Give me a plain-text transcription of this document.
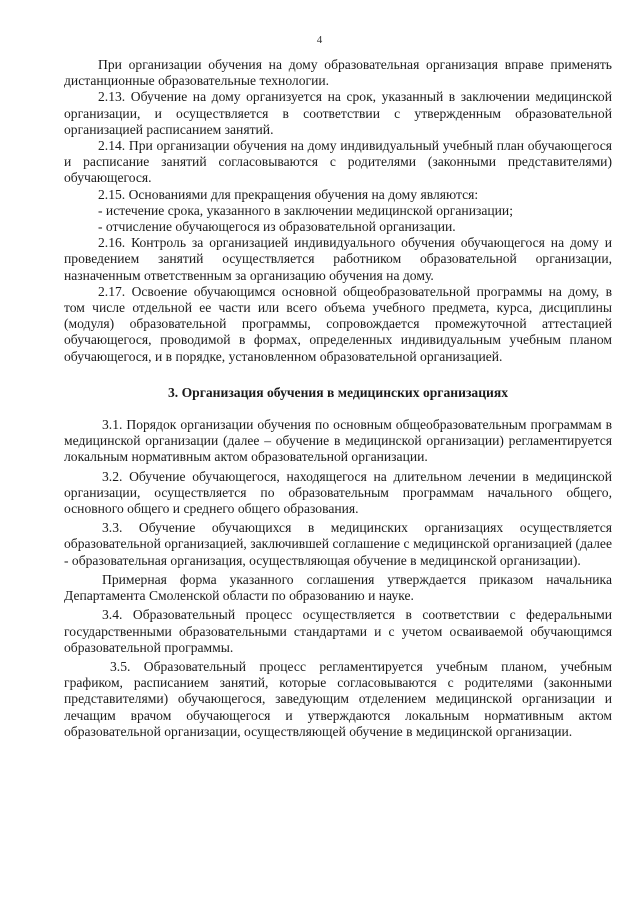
4

При организации обучения на дому образовательная организация вправе применять дистанционные образовательные технологии.

2.13. Обучение на дому организуется на срок, указанный в заключении медицинской организации, и осуществляется в соответствии с утвержденным образовательной организацией расписанием занятий.

2.14. При организации обучения на дому индивидуальный учебный план обучающегося и расписание занятий согласовываются с родителями (законными представителями) обучающегося.

2.15. Основаниями для прекращения обучения на дому являются:

- истечение срока, указанного в заключении медицинской организации;

- отчисление обучающегося из образовательной организации.

2.16. Контроль за организацией индивидуального обучения обучающегося на дому и проведением занятий осуществляется работником образовательной организации, назначенным ответственным за организацию обучения на дому.

2.17. Освоение обучающимся основной общеобразовательной программы на дому, в том числе отдельной ее части или всего объема учебного предмета, курса, дисциплины (модуля) образовательной программы, сопровождается промежуточной аттестацией обучающегося, проводимой в формах, определенных индивидуальным учебным планом обучающегося, и в порядке, установленном образовательной организацией.

3. Организация обучения в медицинских организациях

3.1. Порядок организации обучения по основным общеобразовательным программам в медицинской организации (далее – обучение в медицинской организации) регламентируется локальным нормативным актом образовательной организации.

3.2. Обучение обучающегося, находящегося на длительном лечении в медицинской организации, осуществляется по образовательным программам начального общего, основного общего и среднего общего образования.

3.3. Обучение обучающихся в медицинских организациях осуществляется образовательной организацией, заключившей соглашение с медицинской организацией (далее - образовательная организация, осуществляющая обучение в медицинской организации).

Примерная форма указанного соглашения утверждается приказом начальника Департамента Смоленской области по образованию и науке.

3.4. Образовательный процесс осуществляется в соответствии с федеральными государственными образовательными стандартами и с учетом осваиваемой обучающимся образовательной программы.

3.5. Образовательный процесс регламентируется учебным планом, учебным графиком, расписанием занятий, которые согласовываются с родителями (законными представителями) обучающегося, заведующим отделением медицинской организации и лечащим врачом обучающегося и утверждаются локальным нормативным актом образовательной организации, осуществляющей обучение в медицинской организации.
